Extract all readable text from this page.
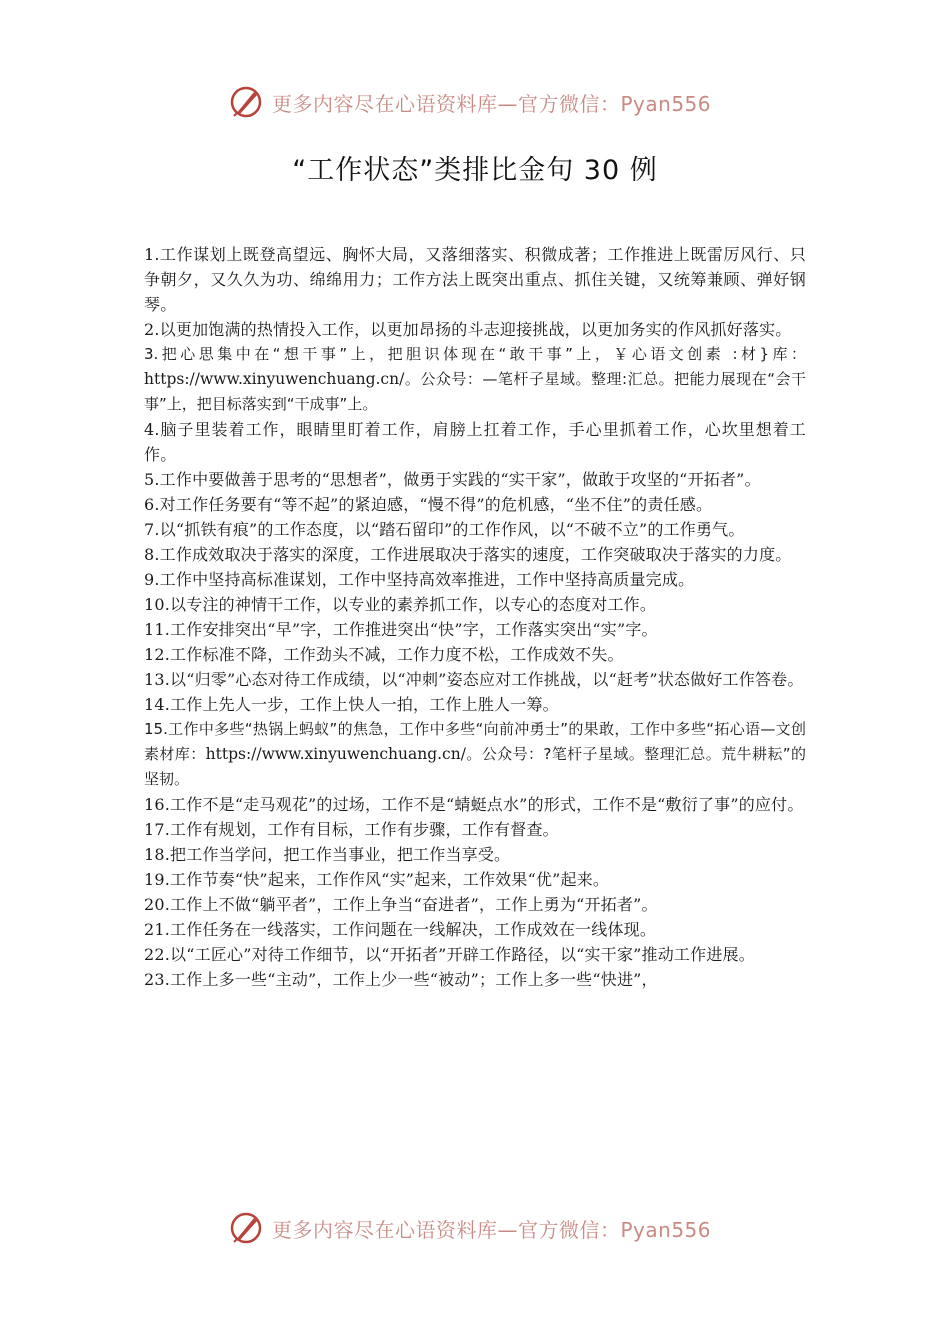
更多内容尽在心语资料库—官方微信：Pyan556
“工作状态”类排比金句 30 例

1.工作谋划上既登高望远、胸怀大局，又落细落实、积微成著；工作推进上既雷厉风行、只争朝夕，又久久为功、绵绵用力；工作方法上既突出重点、抓住关键，又统筹兼顾、弹好钢琴。

2.以更加饱满的热情投入工作，以更加昂扬的斗志迎接挑战，以更加务实的作风抓好落实。

3.把心思集中在“想干事”上，把胆识体现在“敢干事”上，￥心语文创素 :材}库：https://www.xinyuwenchuang.cn/。公众号：—笔杆子星域。整理:汇总。把能力展现在“会干事”上，把目标落实到“干成事”上。

4.脑子里装着工作，眼睛里盯着工作，肩膀上扛着工作，手心里抓着工作，心坎里想着工作。

5.工作中要做善于思考的“思想者”，做勇于实践的“实干家”，做敢于攻坚的“开拓者”。

6.对工作任务要有“等不起”的紧迫感，“慢不得”的危机感，“坐不住”的责任感。

7.以“抓铁有痕”的工作态度，以“踏石留印”的工作作风，以“不破不立”的工作勇气。

8.工作成效取决于落实的深度，工作进展取决于落实的速度，工作突破取决于落实的力度。

9.工作中坚持高标准谋划，工作中坚持高效率推进，工作中坚持高质量完成。

10.以专注的神情干工作，以专业的素养抓工作，以专心的态度对工作。

11.工作安排突出“早”字，工作推进突出“快”字，工作落实突出“实”字。

12.工作标准不降，工作劲头不减，工作力度不松，工作成效不失。

13.以“归零”心态对待工作成绩，以“冲刺”姿态应对工作挑战，以“赶考”状态做好工作答卷。

14.工作上先人一步，工作上快人一拍，工作上胜人一筹。

15.工作中多些“热锅上蚂蚁”的焦急，工作中多些“向前冲勇士”的果敢，工作中多些“拓心语—文创素材库：https://www.xinyuwenchuang.cn/。公众号：?笔杆子星域。整理汇总。荒牛耕耘”的坚韧。

16.工作不是“走马观花”的过场，工作不是“蜻蜓点水”的形式，工作不是“敷衍了事”的应付。

17.工作有规划，工作有目标，工作有步骤，工作有督查。

18.把工作当学问，把工作当事业，把工作当享受。

19.工作节奏“快”起来，工作作风“实”起来，工作效果“优”起来。

20.工作上不做“躺平者”，工作上争当“奋进者”，工作上勇为“开拓者”。

21.工作任务在一线落实，工作问题在一线解决，工作成效在一线体现。

22.以“工匠心”对待工作细节，以“开拓者”开辟工作路径，以“实干家”推动工作进展。

23.工作上多一些“主动”，工作上少一些“被动”；工作上多一些“快进”，

更多内容尽在心语资料库—官方微信：Pyan556
